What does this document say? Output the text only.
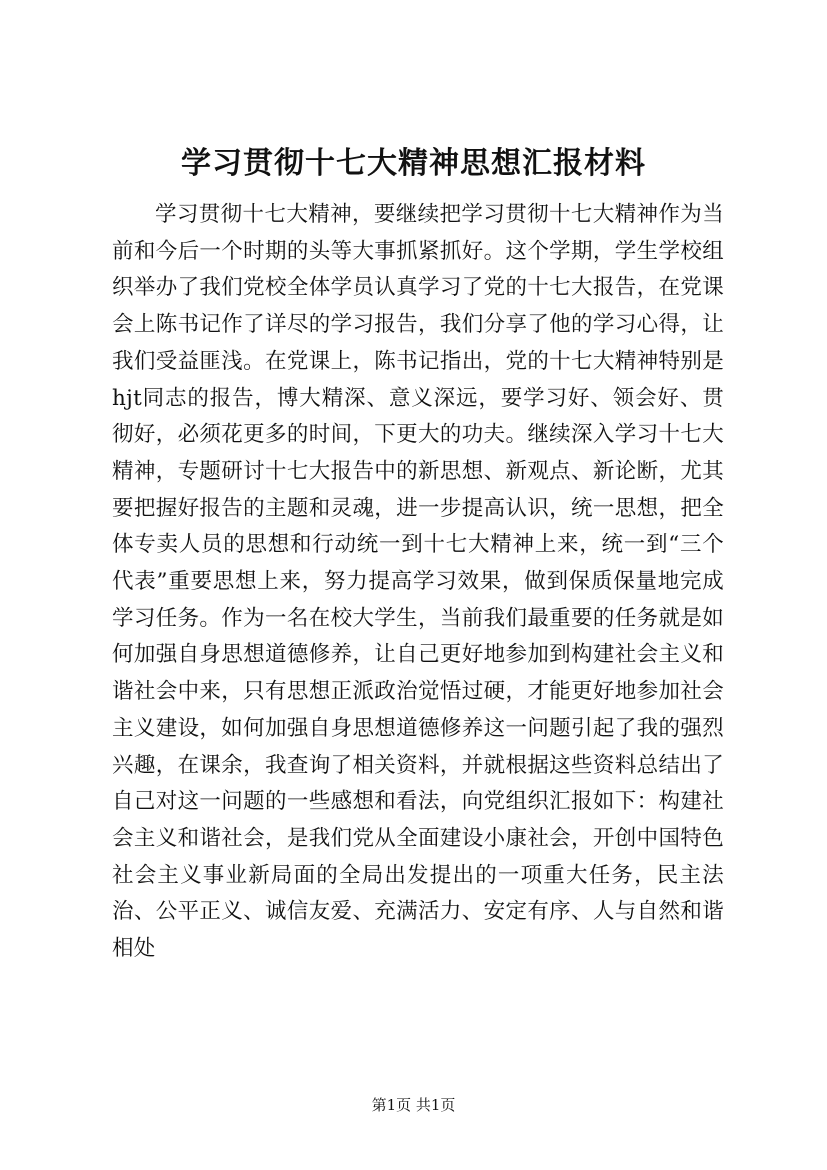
学习贯彻十七大精神思想汇报材料

学习贯彻十七大精神，要继续把学习贯彻十七大精神作为当前和今后一个时期的头等大事抓紧抓好。这个学期，学生学校组织举办了我们党校全体学员认真学习了党的十七大报告，在党课会上陈书记作了详尽的学习报告，我们分享了他的学习心得，让我们受益匪浅。在党课上，陈书记指出，党的十七大精神特别是hjt同志的报告，博大精深、意义深远，要学习好、领会好、贯彻好，必须花更多的时间，下更大的功夫。继续深入学习十七大精神，专题研讨十七大报告中的新思想、新观点、新论断，尤其要把握好报告的主题和灵魂，进一步提高认识，统一思想，把全体专卖人员的思想和行动统一到十七大精神上来，统一到“三个代表”重要思想上来，努力提高学习效果，做到保质保量地完成学习任务。作为一名在校大学生，当前我们最重要的任务就是如何加强自身思想道德修养，让自己更好地参加到构建社会主义和谐社会中来，只有思想正派政治觉悟过硬，才能更好地参加社会主义建设，如何加强自身思想道德修养这一问题引起了我的强烈兴趣，在课余，我查询了相关资料，并就根据这些资料总结出了自己对这一问题的一些感想和看法，向党组织汇报如下：构建社会主义和谐社会，是我们党从全面建设小康社会，开创中国特色社会主义事业新局面的全局出发提出的一项重大任务，民主法治、公平正义、诚信友爱、充满活力、安定有序、人与自然和谐相处

第1页 共1页
